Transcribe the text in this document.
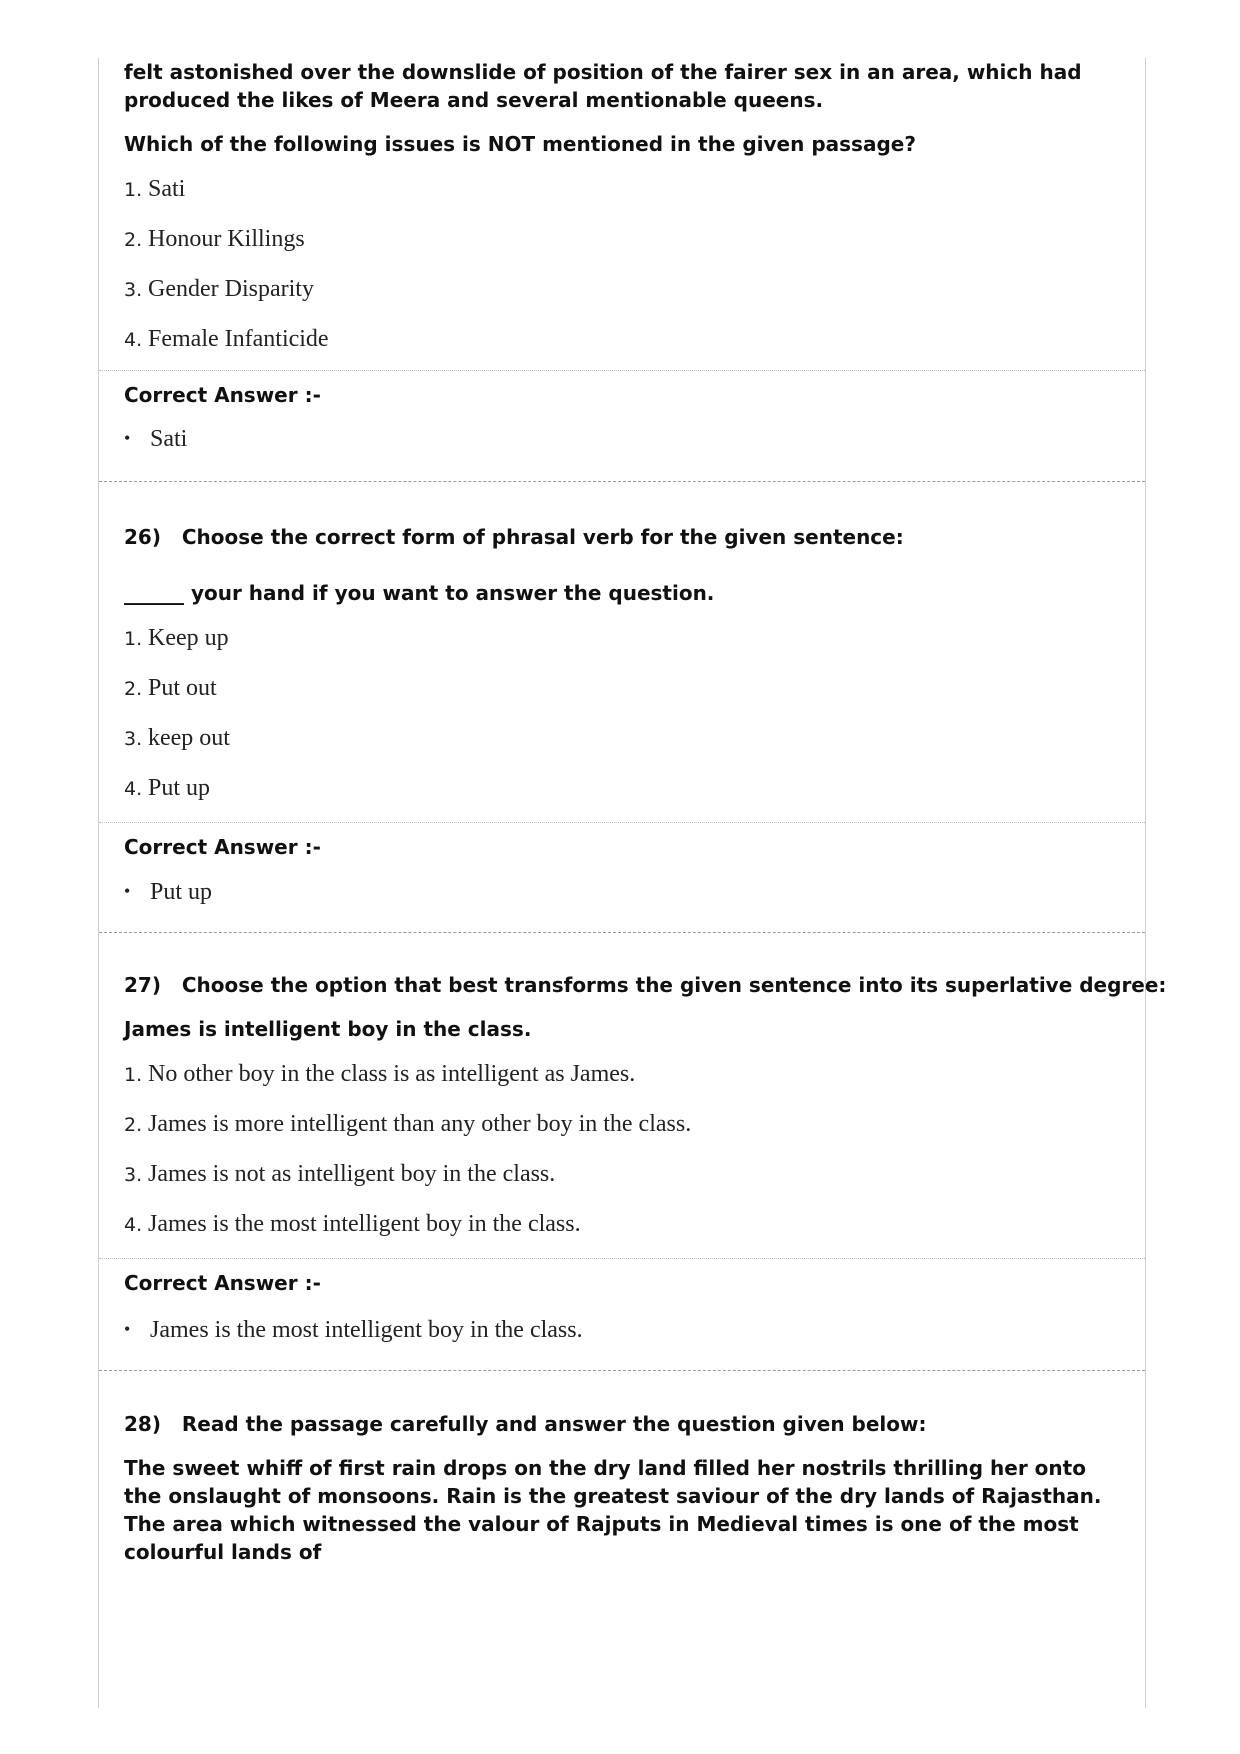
felt astonished over the downslide of position of the fairer sex in an area, which had produced the likes of Meera and several mentionable queens.

Which of the following issues is NOT mentioned in the given passage?

1. Sati

2. Honour Killings

3. Gender Disparity

4. Female Infanticide

Correct Answer :-

• Sati

26)   Choose the correct form of phrasal verb for the given sentence:

______ your hand if you want to answer the question.

1. Keep up

2. Put out

3. keep out

4. Put up

Correct Answer :-

• Put up

27)   Choose the option that best transforms the given sentence into its superlative degree:

James is intelligent boy in the class.

1. No other boy in the class is as intelligent as James.

2. James is more intelligent than any other boy in the class.

3. James is not as intelligent boy in the class.

4. James is the most intelligent boy in the class.

Correct Answer :-

• James is the most intelligent boy in the class.

28)   Read the passage carefully and answer the question given below:

The sweet whiff of first rain drops on the dry land filled her nostrils thrilling her onto the onslaught of monsoons. Rain is the greatest saviour of the dry lands of Rajasthan. The area which witnessed the valour of Rajputs in Medieval times is one of the most colourful lands of
